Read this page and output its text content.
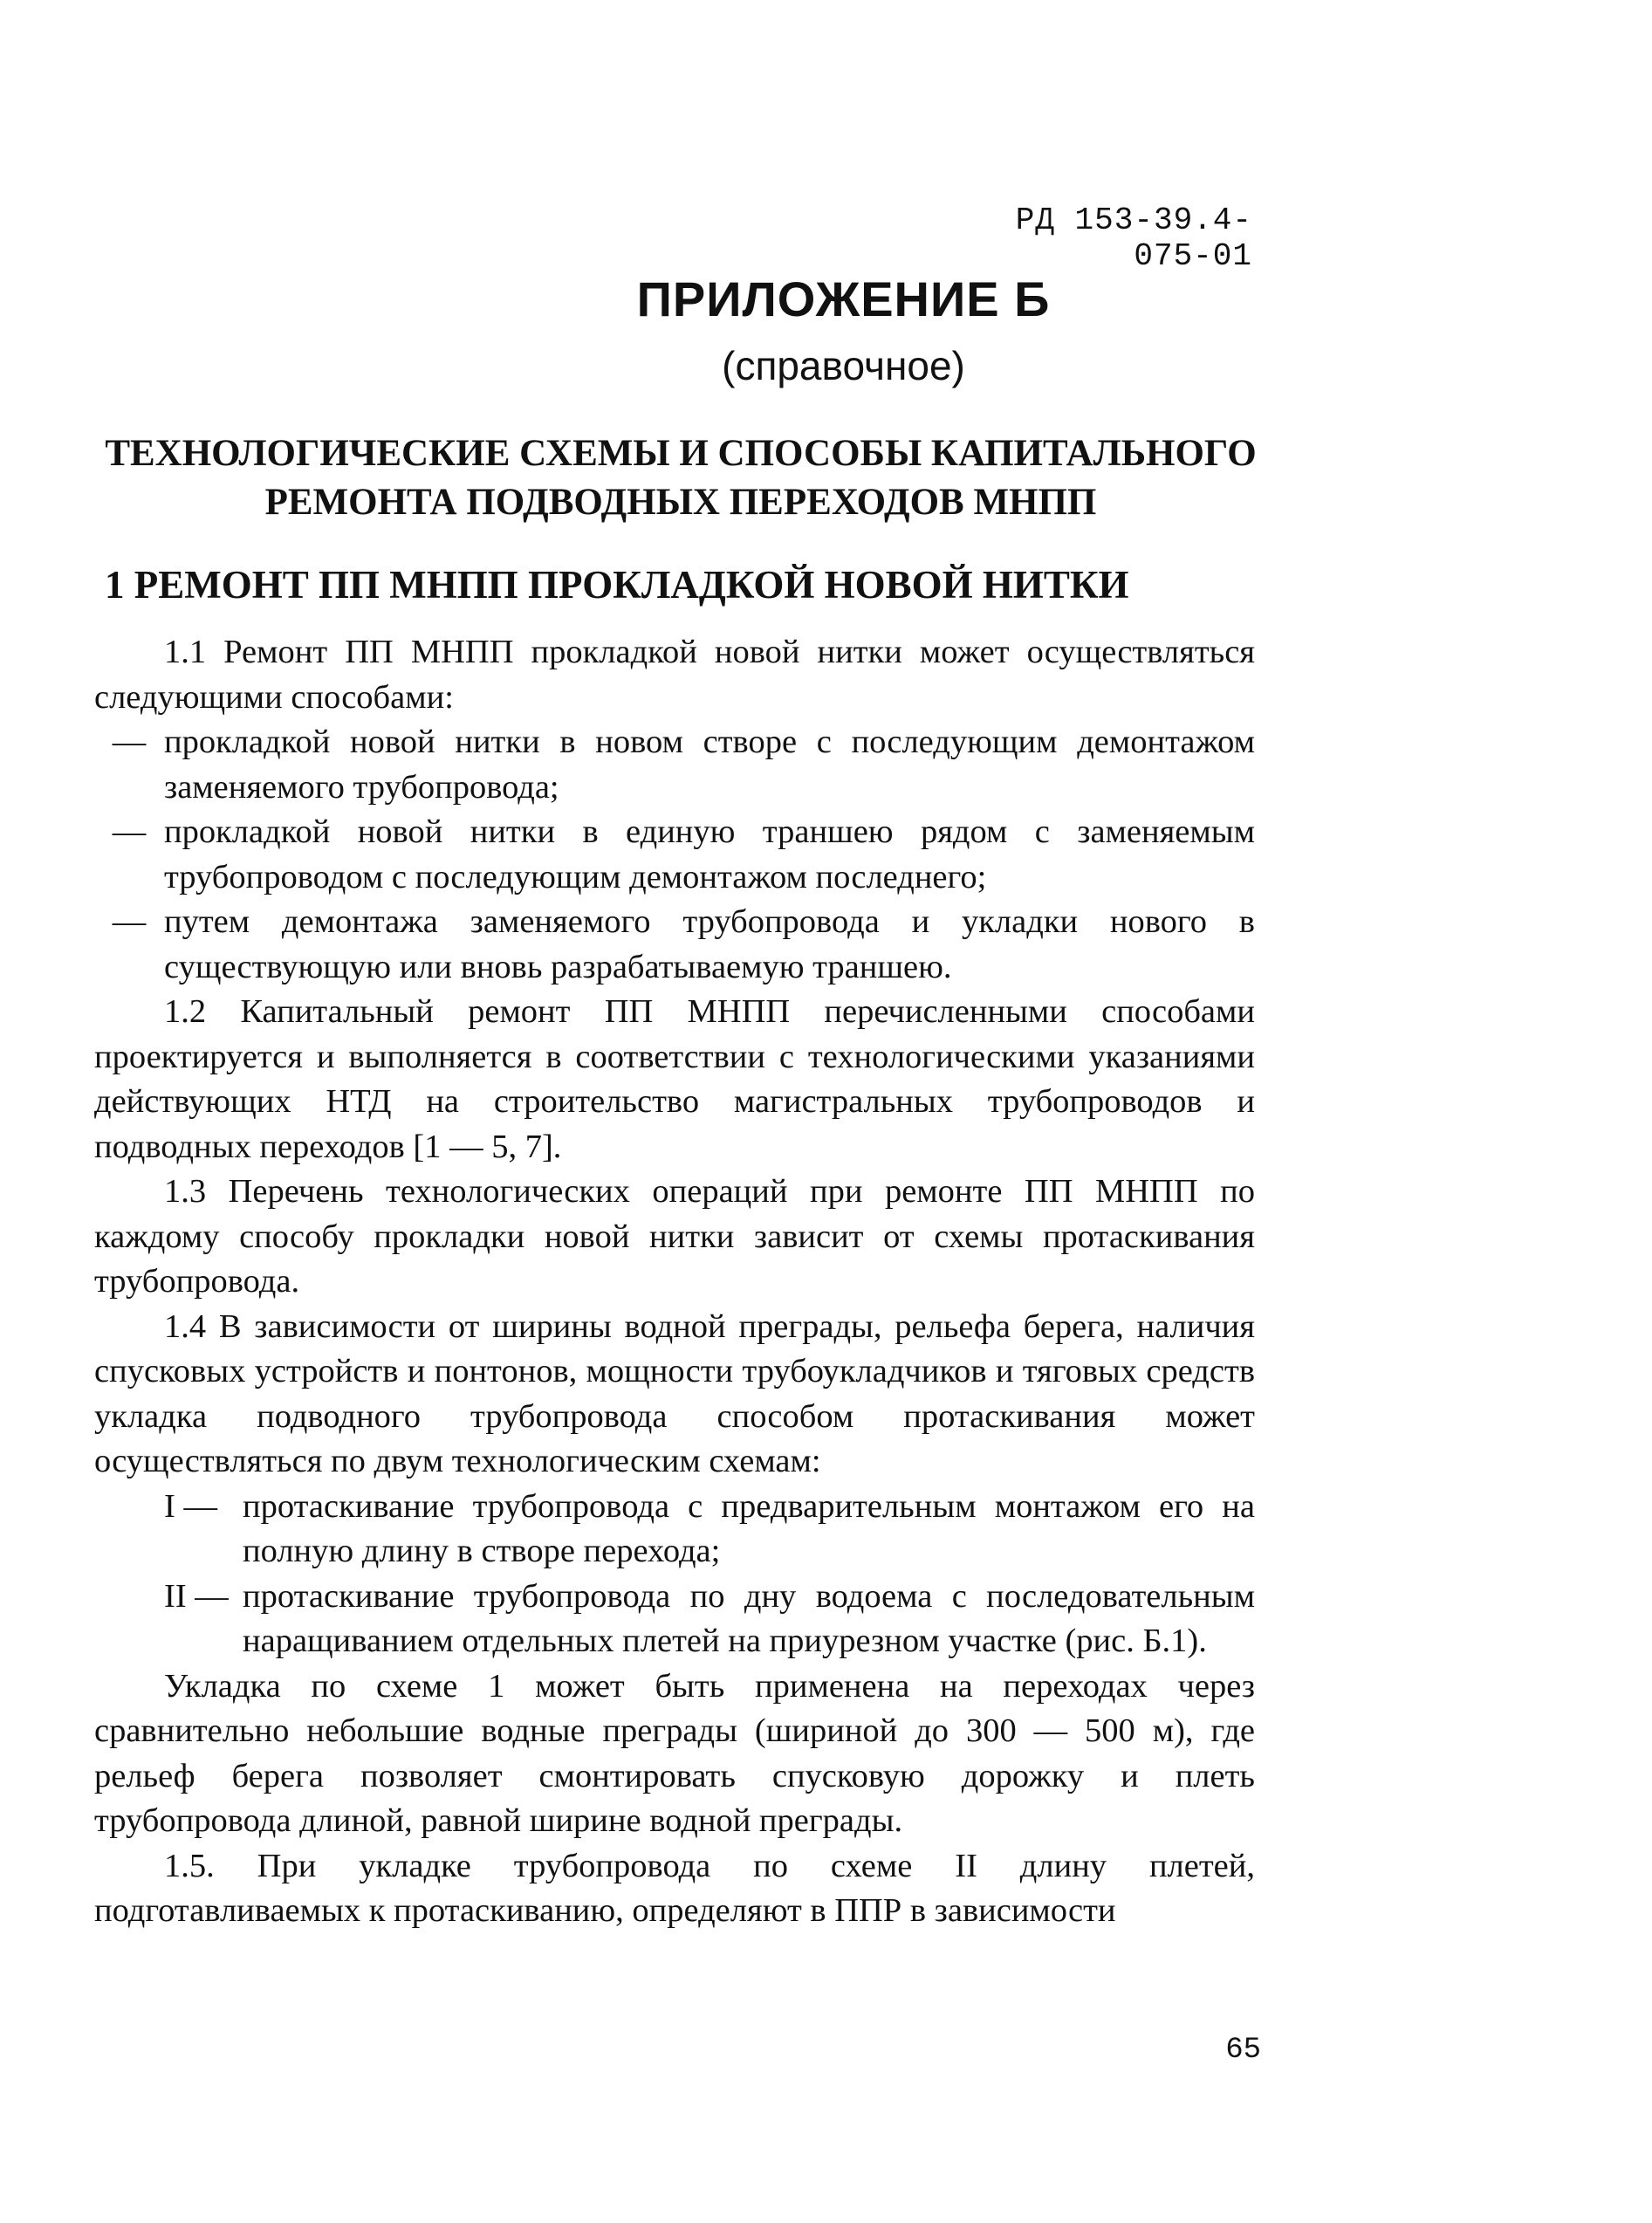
РД 153-39.4-075-01
ПРИЛОЖЕНИЕ Б
(справочное)
ТЕХНОЛОГИЧЕСКИЕ СХЕМЫ И СПОСОБЫ КАПИТАЛЬНОГО
РЕМОНТА ПОДВОДНЫХ ПЕРЕХОДОВ МНПП
1 РЕМОНТ ПП МНПП ПРОКЛАДКОЙ НОВОЙ НИТКИ

1.1 Ремонт ПП МНПП прокладкой новой нитки может осуществляться следующими способами:

— прокладкой новой нитки в новом створе с последующим демонтажом заменяемого трубопровода;
— прокладкой новой нитки в единую траншею рядом с заменяемым трубопроводом с последующим демонтажом последнего;
— путем демонтажа заменяемого трубопровода и укладки нового в существующую или вновь разрабатываемую траншею.

1.2 Капитальный ремонт ПП МНПП перечисленными способами проектируется и выполняется в соответствии с технологическими указаниями действующих НТД на строительство магистральных трубопроводов и подводных переходов [1 — 5, 7].

1.3 Перечень технологических операций при ремонте ПП МНПП по каждому способу прокладки новой нитки зависит от схемы протаскивания трубопровода.

1.4 В зависимости от ширины водной преграды, рельефа берега, наличия спусковых устройств и понтонов, мощности трубоукладчиков и тяговых средств укладка подводного трубопровода способом протаскивания может осуществляться по двум технологическим схемам:

I — протаскивание трубопровода с предварительным монтажом его на полную длину в створе перехода;
II — протаскивание трубопровода по дну водоема с последовательным наращиванием отдельных плетей на приурезном участке (рис. Б.1).

Укладка по схеме 1 может быть применена на переходах через сравнительно небольшие водные преграды (шириной до 300 — 500 м), где рельеф берега позволяет смонтировать спусковую дорожку и плеть трубопровода длиной, равной ширине водной преграды.

1.5. При укладке трубопровода по схеме II длину плетей, подготавливаемых к протаскиванию, определяют в ППР в зависимости

65
